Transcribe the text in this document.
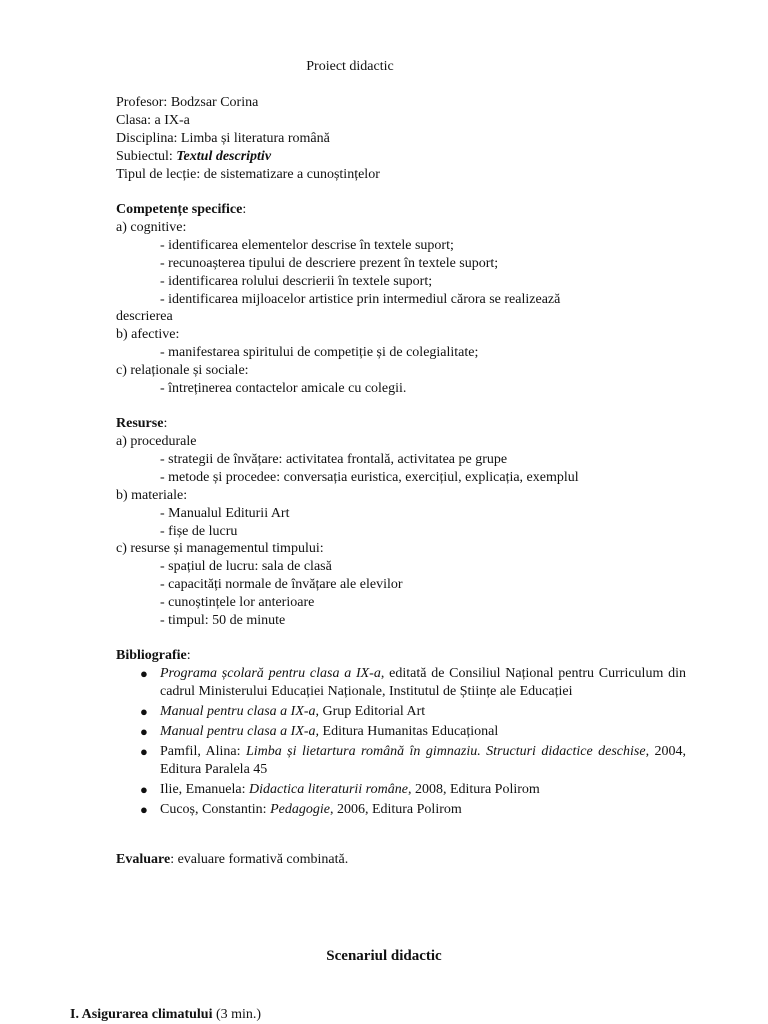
Proiect didactic
Profesor: Bodzsar Corina
Clasa: a IX-a
Disciplina: Limba și literatura română
Subiectul: Textul descriptiv
Tipul de lecție: de sistematizare a cunoștințelor
Competențe specifice:
a) cognitive:
- identificarea elementelor descrise în textele suport;
- recunoașterea tipului de descriere prezent în textele suport;
- identificarea rolului descrierii în textele suport;
- identificarea mijloacelor artistice prin intermediul cărora se realizează
descrierea
b) afective:
- manifestarea spiritului de competiție și de colegialitate;
c) relaționale și sociale:
- întreținerea contactelor amicale cu colegii.
Resurse:
a) procedurale
- strategii de învățare: activitatea frontală, activitatea pe grupe
- metode și procedee: conversația euristica, exercițiul, explicația, exemplul
b) materiale:
- Manualul Editurii Art
- fișe de lucru
c) resurse și managementul timpului:
- spațiul de lucru: sala de clasă
- capacități normale de învățare ale elevilor
- cunoștințele lor anterioare
- timpul: 50 de minute
Bibliografie:
● Programa școlară pentru clasa a IX-a, editată de Consiliul Național pentru Curriculum din cadrul Ministerului Educației Naționale, Institutul de Științe ale Educației
● Manual pentru clasa a IX-a, Grup Editorial Art
● Manual pentru clasa a IX-a, Editura Humanitas Educațional
● Pamfil, Alina: Limba și lietartura română în gimnaziu. Structuri didactice deschise, 2004, Editura Paralela 45
● Ilie, Emanuela: Didactica literaturii române, 2008, Editura Polirom
● Cucoș, Constantin: Pedagogie, 2006, Editura Polirom
Evaluare: evaluare formativă combinată.
Scenariul didactic
I. Asigurarea climatului (3 min.)
